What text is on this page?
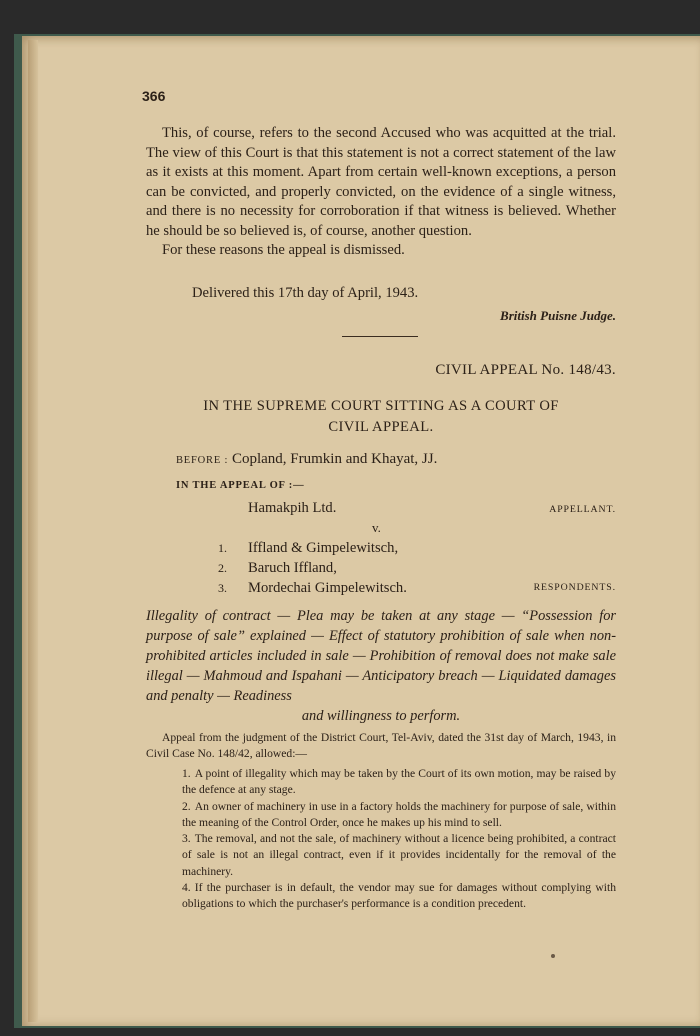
366

This, of course, refers to the second Accused who was acquitted at the trial. The view of this Court is that this statement is not a correct statement of the law as it exists at this moment. Apart from certain well-known exceptions, a person can be convicted, and properly convicted, on the evidence of a single witness, and there is no necessity for corroboration if that witness is believed. Whether he should be so believed is, of course, another question.

For these reasons the appeal is dismissed.

Delivered this 17th day of April, 1943.
British Puisne Judge.
CIVIL APPEAL No. 148/43.
IN THE SUPREME COURT SITTING AS A COURT OF
CIVIL APPEAL.
BEFORE : Copland, Frumkin and Khayat, JJ.
IN THE APPEAL OF :—
Hamakpih Ltd.	APPELLANT.
v.
1. Iffland & Gimpelewitsch,
2. Baruch Iffland,
3. Mordechai Gimpelewitsch.	RESPONDENTS.
Illegality of contract — Plea may be taken at any stage — “Possession for purpose of sale” explained — Effect of statutory prohibition of sale when non-prohibited articles included in sale — Prohibition of removal does not make sale illegal — Mahmoud and Ispahani — Anticipatory breach — Liquidated damages and penalty — Readiness
and willingness to perform.
Appeal from the judgment of the District Court, Tel-Aviv, dated the 31st day of March, 1943, in Civil Case No. 148/42, allowed:—

1. A point of illegality which may be taken by the Court of its own motion, may be raised by the defence at any stage.

2. An owner of machinery in use in a factory holds the machinery for purpose of sale, within the meaning of the Control Order, once he makes up his mind to sell.

3. The removal, and not the sale, of machinery without a licence being prohibited, a contract of sale is not an illegal contract, even if it provides incidentally for the removal of the machinery.

4. If the purchaser is in default, the vendor may sue for damages without complying with obligations to which the purchaser's performance is a condition precedent.
